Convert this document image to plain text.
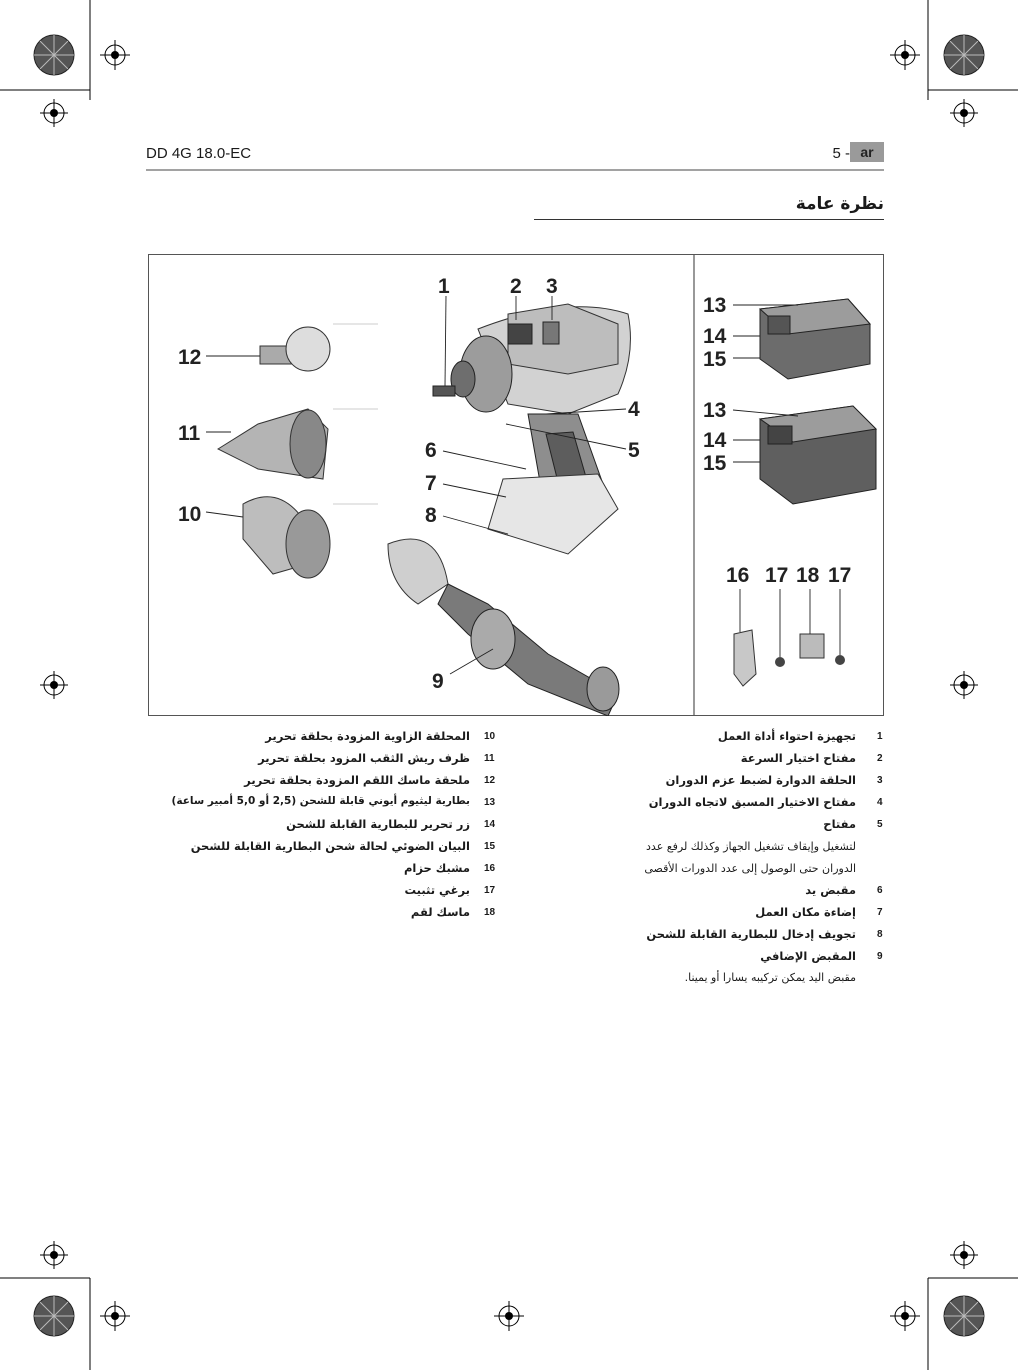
DD 4G 18.0-EC	5 - ar
نظرة عامة
1	2 3
4
5
6
7
8
9
10
11
12
13
14
15
13
14
15
16 17 18 17
1
تجهيزة احتواء أداة العمل
2
مفتاح اختيار السرعة
3
الحلقة الدوارة لضبط عزم الدوران
4
مفتاح الاختيار المسبق لاتجاه الدوران
5
مفتاح
لتشغيل وإيقاف تشغيل الجهاز وكذلك لرفع عدد
الدوران حتى الوصول إلى عدد الدورات الأقصى
6
مقبض يد
7
إضاءة مكان العمل
8
تجويف إدخال للبطارية القابلة للشحن
9
المقبض الإضافي
مقبض اليد يمكن تركيبه يسارا أو يمينا.
10
المحلقة الزاوية المزودة بحلقة تحرير
11
ظرف ريش الثقب المزود بحلقة تحرير
12
ملحقة ماسك اللقم المزودة بحلقة تحرير
13
بطارية ليثيوم أيوني قابلة للشحن (2,5 أو 5,0 أمبير ساعة)
14
زر تحرير للبطارية القابلة للشحن
15
البيان الضوئي لحالة شحن البطارية القابلة للشحن
16
مشبك حزام
17
برغي تثبيت
18
ماسك لقم
